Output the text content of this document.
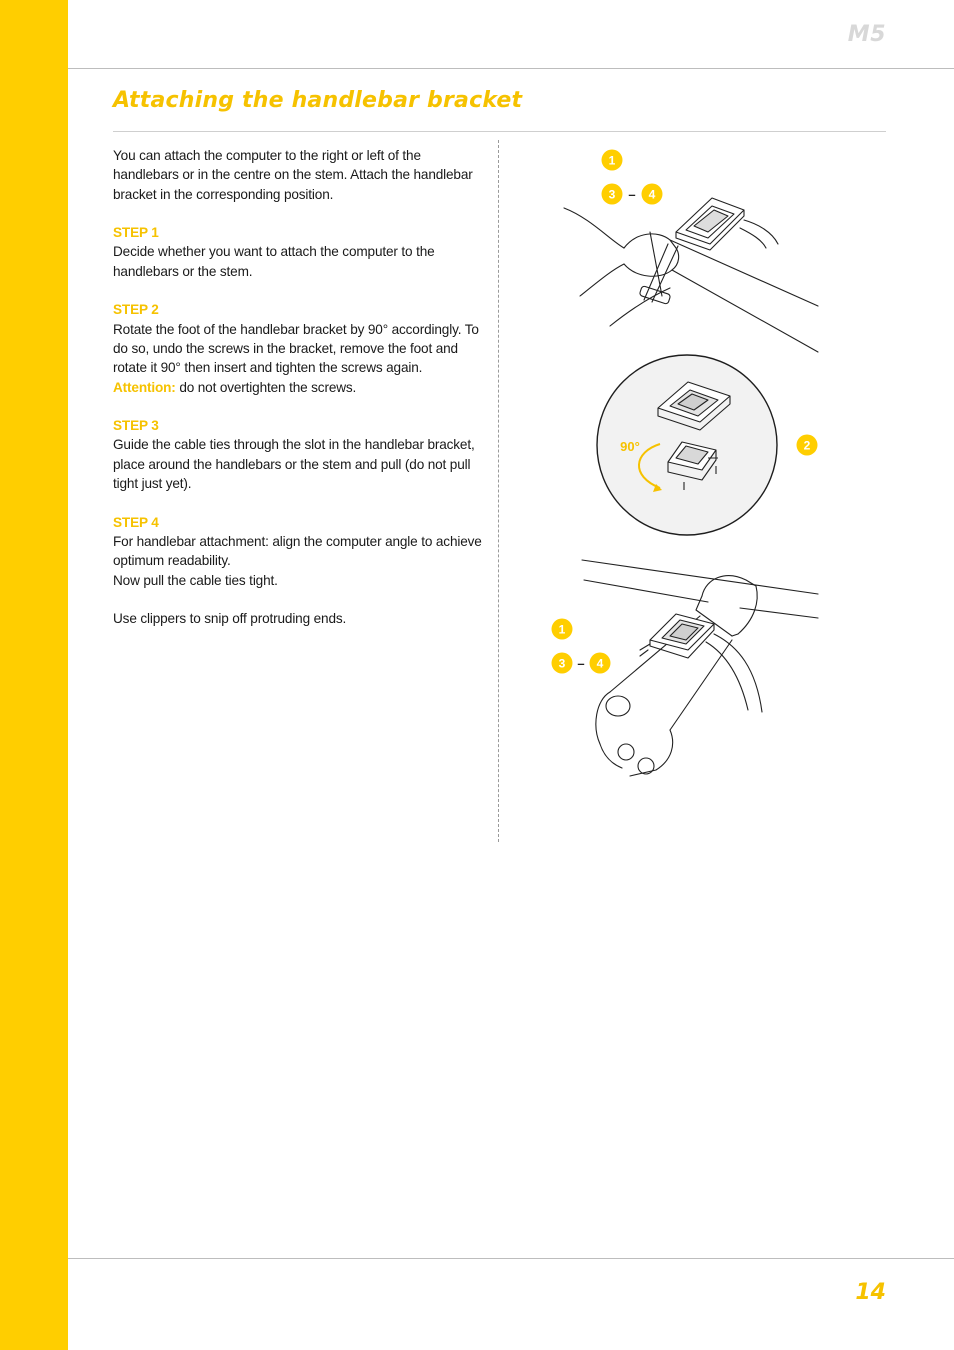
M5
Attaching the handlebar bracket

You can attach the computer to the right or left of the handlebars or in the centre on the stem. Attach the handlebar bracket in the corresponding position.

STEP 1
Decide whether you want to attach the computer to the handlebars or the stem.

STEP 2
Rotate the foot of the handlebar bracket by 90° accordingly. To do so, undo the screws in the bracket, remove the foot and rotate it 90° then insert and tighten the screws again. Attention: do not overtighten the screws.

STEP 3
Guide the cable ties through the slot in the handlebar bracket, place around the handlebars or the stem and pull (do not pull tight just yet).

STEP 4
For handlebar attachment: align the computer angle to achieve optimum readability.
Now pull the cable ties tight.

Use clippers to snip off protruding ends.

1
3 – 4
90°	2
1
3 – 4
14
